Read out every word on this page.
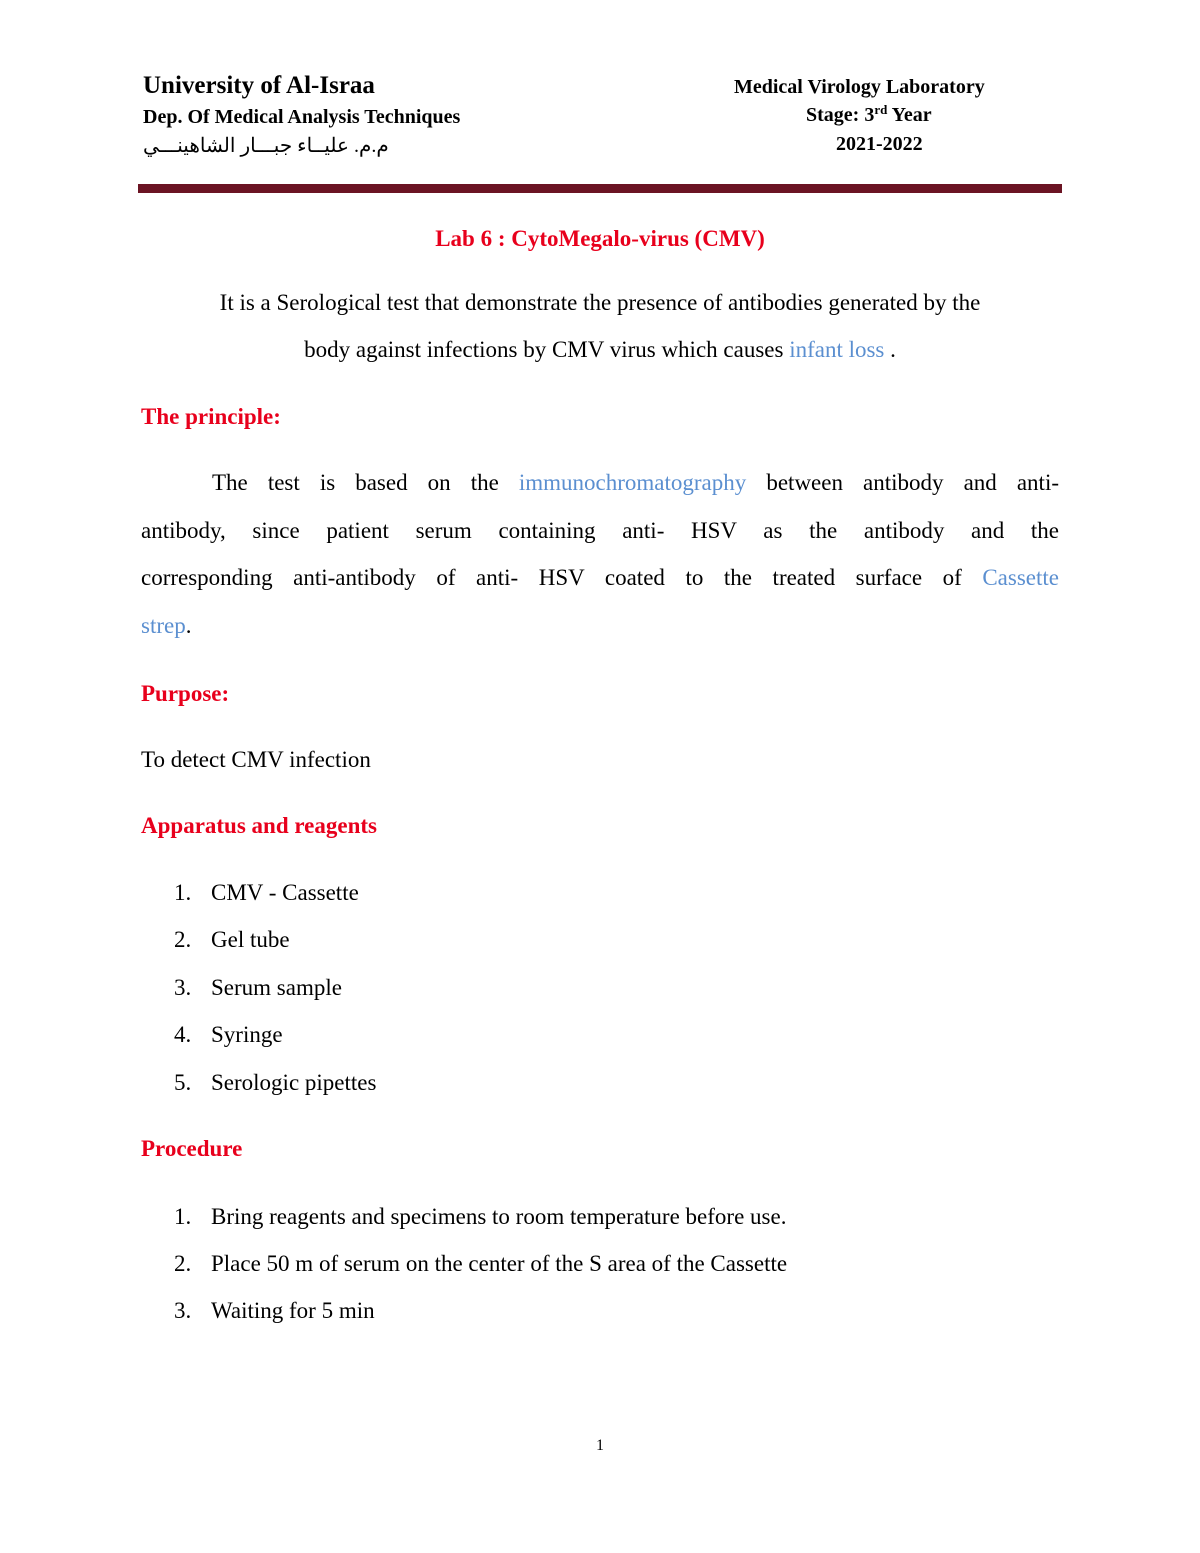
University of Al-Israa
Dep. Of Medical Analysis Techniques
م.م. عليــاء جبـــار الشاهينـــي
Medical Virology Laboratory
Stage: 3rd Year
2021-2022
Lab 6 : CytoMegalo-virus (CMV)
It is a Serological test that demonstrate the presence of antibodies generated by the
body against infections by CMV virus which causes infant loss .
The principle:
The test is based on the immunochromatography between antibody and anti-
antibody, since patient serum containing anti- HSV as the antibody and the
corresponding anti-antibody of anti- HSV coated to the treated surface of Cassette
strep.
Purpose:
To detect CMV infection
Apparatus and reagents
1. CMV - Cassette
2. Gel tube
3. Serum sample
4. Syringe
5. Serologic pipettes
Procedure
1. Bring reagents and specimens to room temperature before use.
2. Place 50 m of serum on the center of the S area of the Cassette
3. Waiting for 5 min
1
